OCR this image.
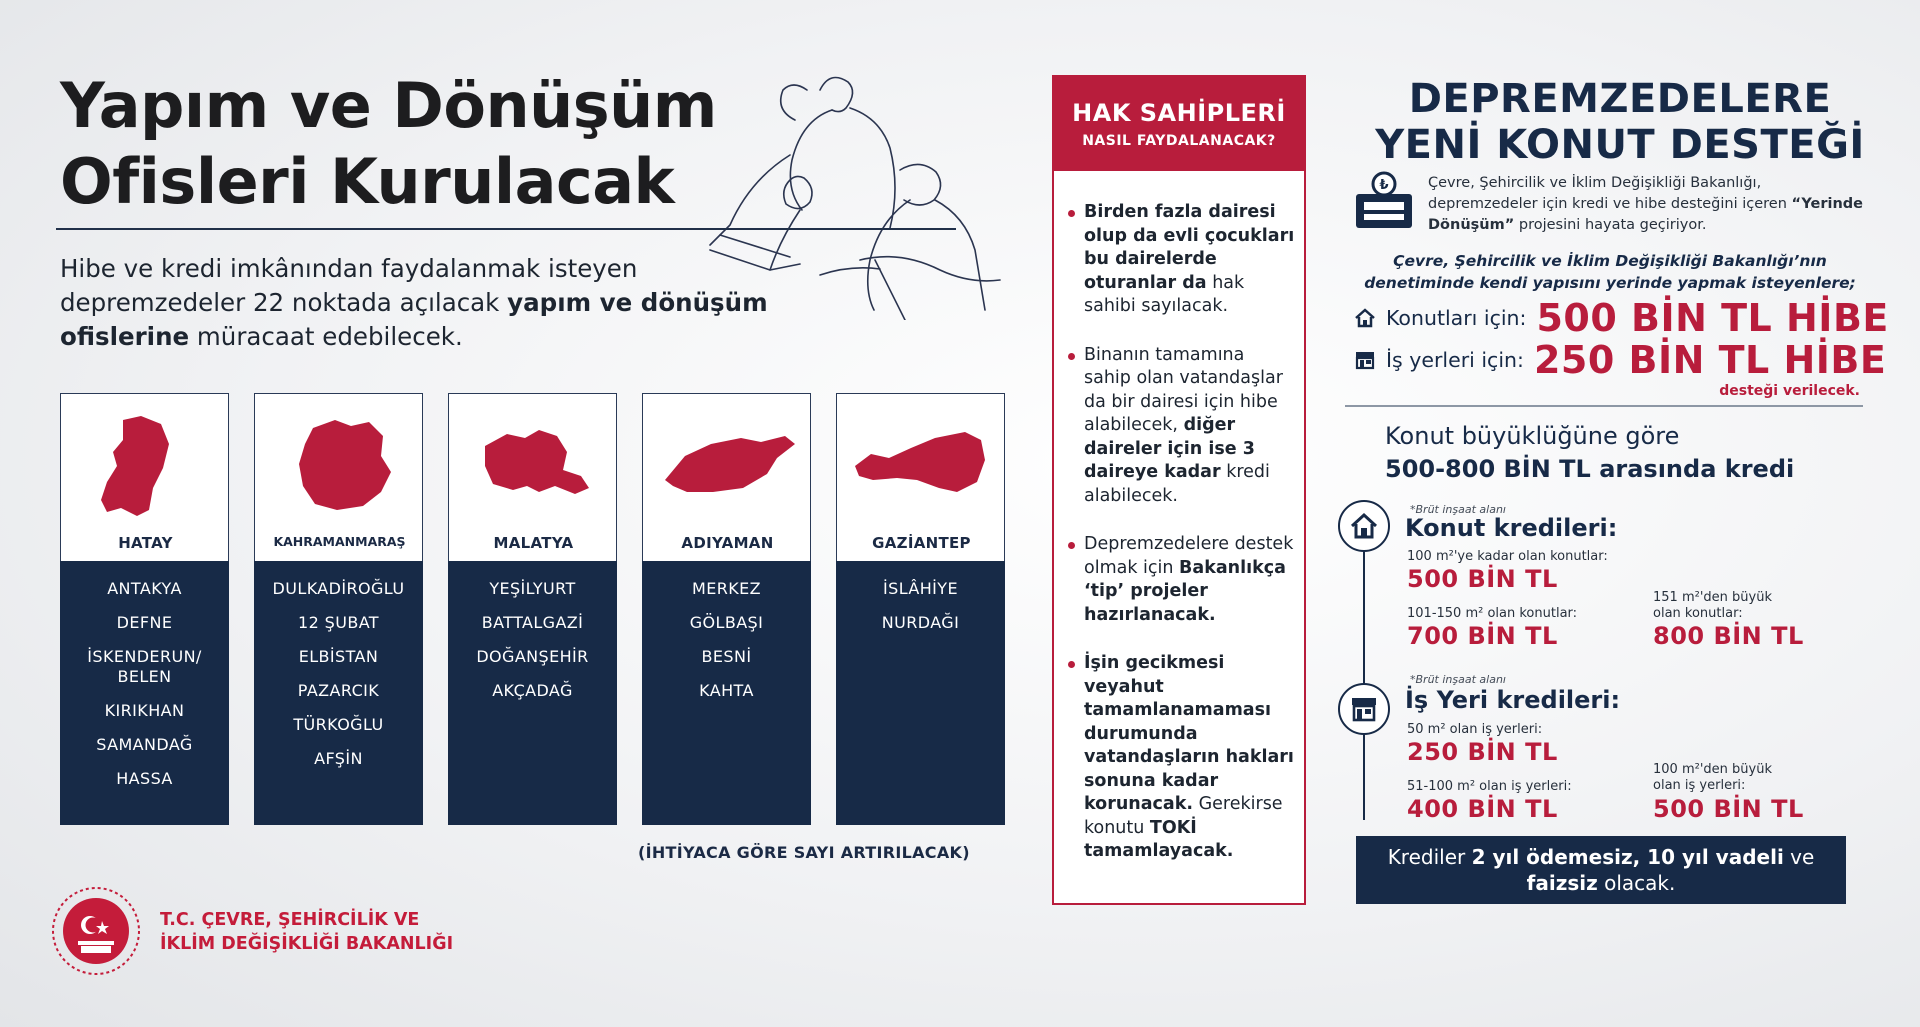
Yapım ve Dönüşüm
Ofisleri Kurulacak
Hibe ve kredi imkânından faydalanmak isteyen depremzedeler 22 noktada açılacak yapım ve dönüşüm ofislerine müracaat edebilecek.
HATAY
ANTAKYA
DEFNE
İSKENDERUN/ BELEN
KIRIKHAN
SAMANDAĞ
HASSA
KAHRAMANMARAŞ
DULKADİROĞLU
12 ŞUBAT
ELBİSTAN
PAZARCIK
TÜRKOĞLU
AFŞİN
MALATYA
YEŞİLYURT
BATTALGAZİ
DOĞANŞEHİR
AKÇADAĞ
ADIYAMAN
MERKEZ
GÖLBAŞI
BESNİ
KAHTA
GAZİANTEP
İSLÂHİYE
NURDAĞI
(İHTİYACA GÖRE SAYI ARTIRILACAK)
T.C. ÇEVRE, ŞEHİRCİLİK VE
İKLİM DEĞİŞİKLİĞİ BAKANLIĞI
HAK SAHİPLERİ
NASIL FAYDALANACAK?
Birden fazla dairesi olup da evli çocukları bu dairelerde oturanlar da hak sahibi sayılacak.
Binanın tamamına sahip olan vatandaşlar da bir dairesi için hibe alabilecek, diğer daireler için ise 3 daireye kadar kredi alabilecek.
Depremzedelere destek olmak için Bakanlıkça ‘tip’ projeler hazırlanacak.
İşin gecikmesi veyahut tamamlanamaması durumunda vatandaşların hakları sonuna kadar korunacak. Gerekirse konutu TOKİ tamamlayacak.
DEPREMZEDELERE
YENİ KONUT DESTEĞİ
₺	Çevre, Şehircilik ve İklim Değişikliği Bakanlığı, depremzedeler için kredi ve hibe desteğini içeren “Yerinde Dönüşüm” projesini hayata geçiriyor.
Çevre, Şehircilik ve İklim Değişikliği Bakanlığı’nın denetiminde kendi yapısını yerinde yapmak isteyenlere;
Konutları için: 500 BİN TL HİBE
İş yerleri için: 250 BİN TL HİBE
desteği verilecek.
Konut büyüklüğüne göre
500-800 BİN TL arasında kredi
*Brüt inşaat alanı
Konut kredileri:
100 m²'ye kadar olan konutlar:
500 BİN TL
101-150 m² olan konutlar:
700 BİN TL
151 m²'den büyük olan konutlar:
800 BİN TL
*Brüt inşaat alanı
İş Yeri kredileri:
50 m² olan iş yerleri:
250 BİN TL
51-100 m² olan iş yerleri:
400 BİN TL
100 m²'den büyük olan iş yerleri:
500 BİN TL
Krediler 2 yıl ödemesiz, 10 yıl vadeli ve faizsiz olacak.
